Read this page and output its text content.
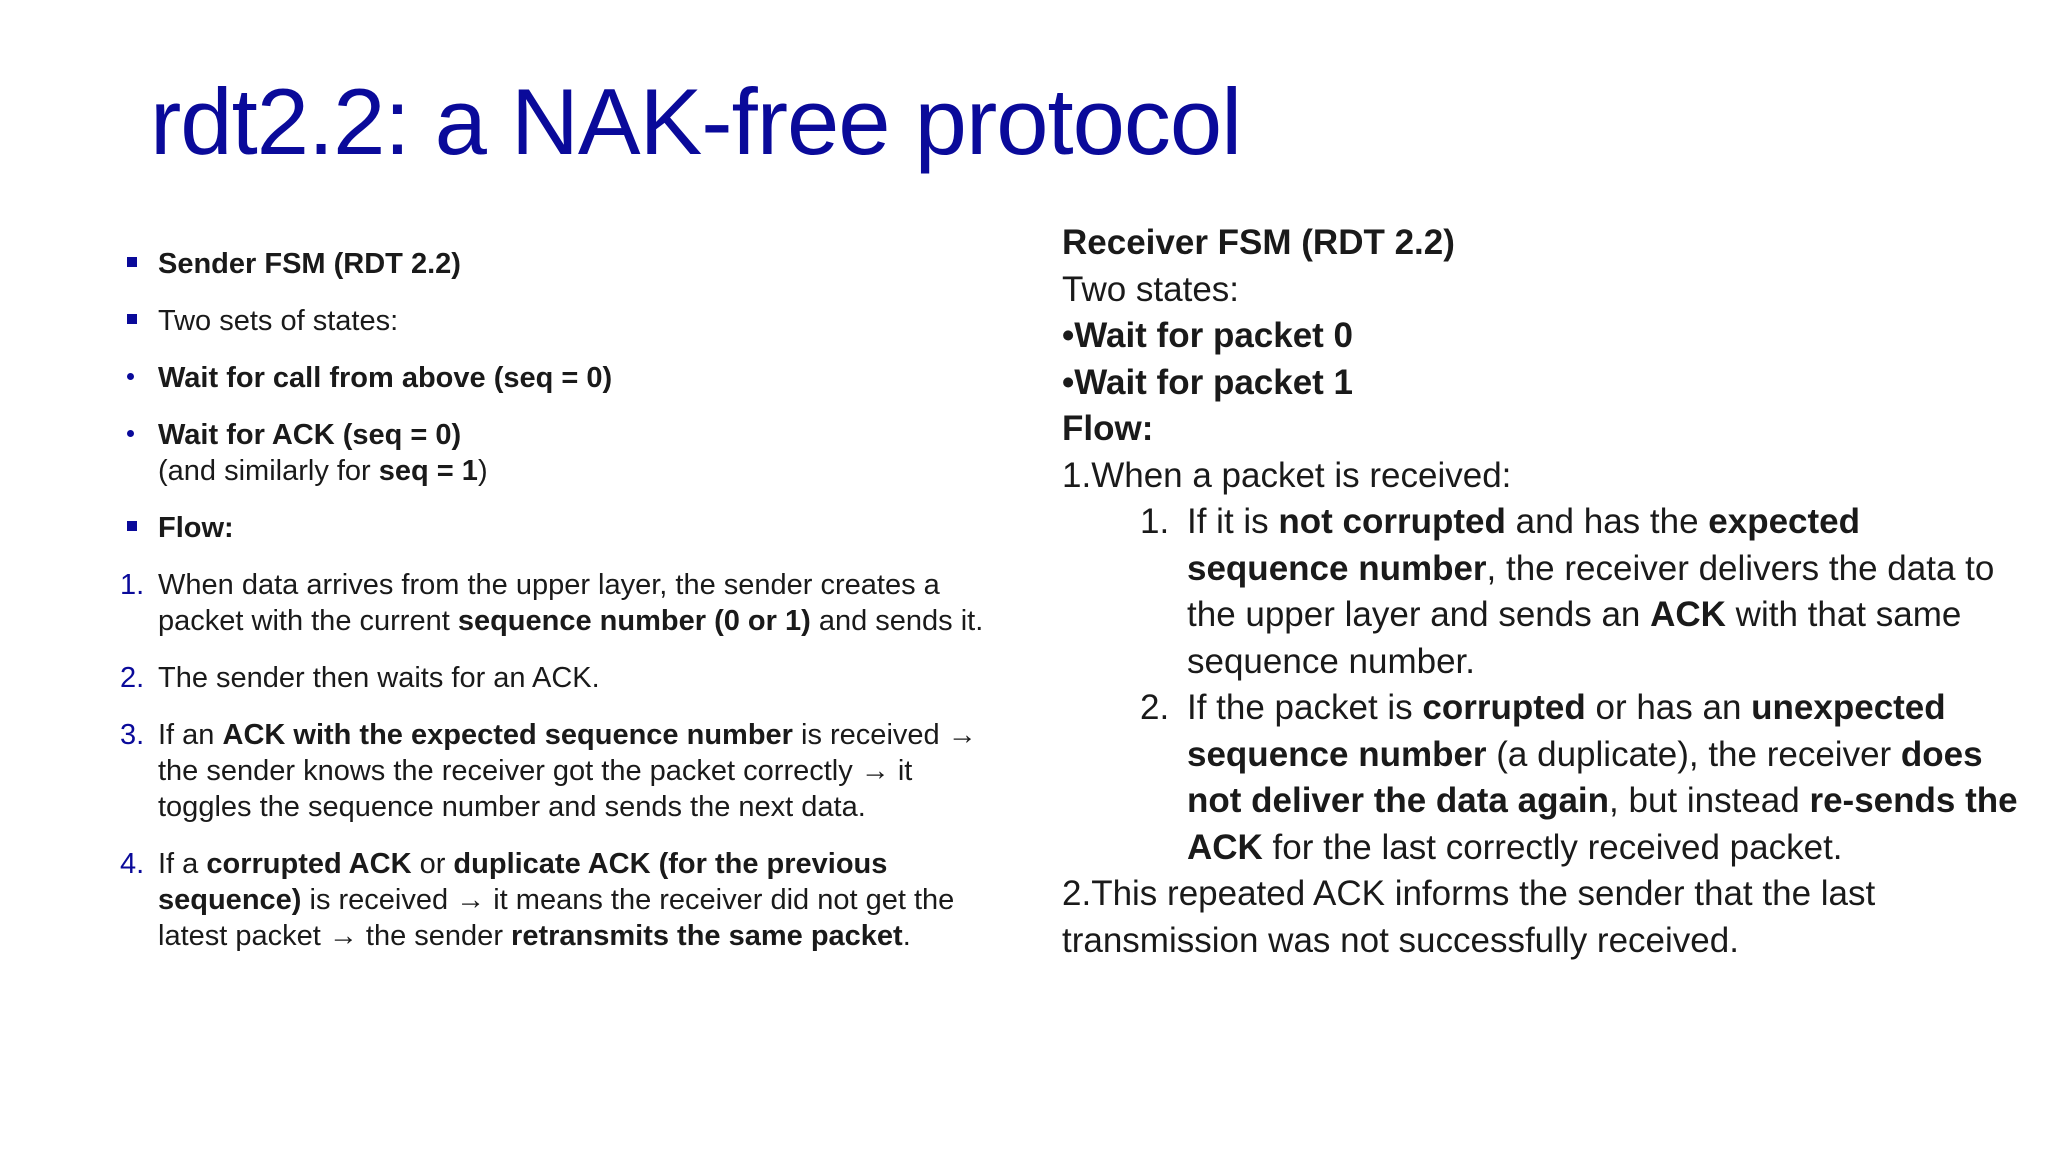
rdt2.2: a NAK-free protocol
Sender FSM (RDT 2.2)
Two sets of states:
Wait for call from above (seq = 0)
Wait for ACK (seq = 0)
(and similarly for seq = 1)
Flow:
1. When data arrives from the upper layer, the sender creates a packet with the current sequence number (0 or 1) and sends it.
2. The sender then waits for an ACK.
3. If an ACK with the expected sequence number is received → the sender knows the receiver got the packet correctly → it toggles the sequence number and sends the next data.
4. If a corrupted ACK or duplicate ACK (for the previous sequence) is received → it means the receiver did not get the latest packet → the sender retransmits the same packet.
Receiver FSM (RDT 2.2)
Two states:
•Wait for packet 0
•Wait for packet 1
Flow:
1.When a packet is received:
1. If it is not corrupted and has the expected sequence number, the receiver delivers the data to the upper layer and sends an ACK with that same sequence number.
2. If the packet is corrupted or has an unexpected sequence number (a duplicate), the receiver does not deliver the data again, but instead re-sends the ACK for the last correctly received packet.
2.This repeated ACK informs the sender that the last transmission was not successfully received.
